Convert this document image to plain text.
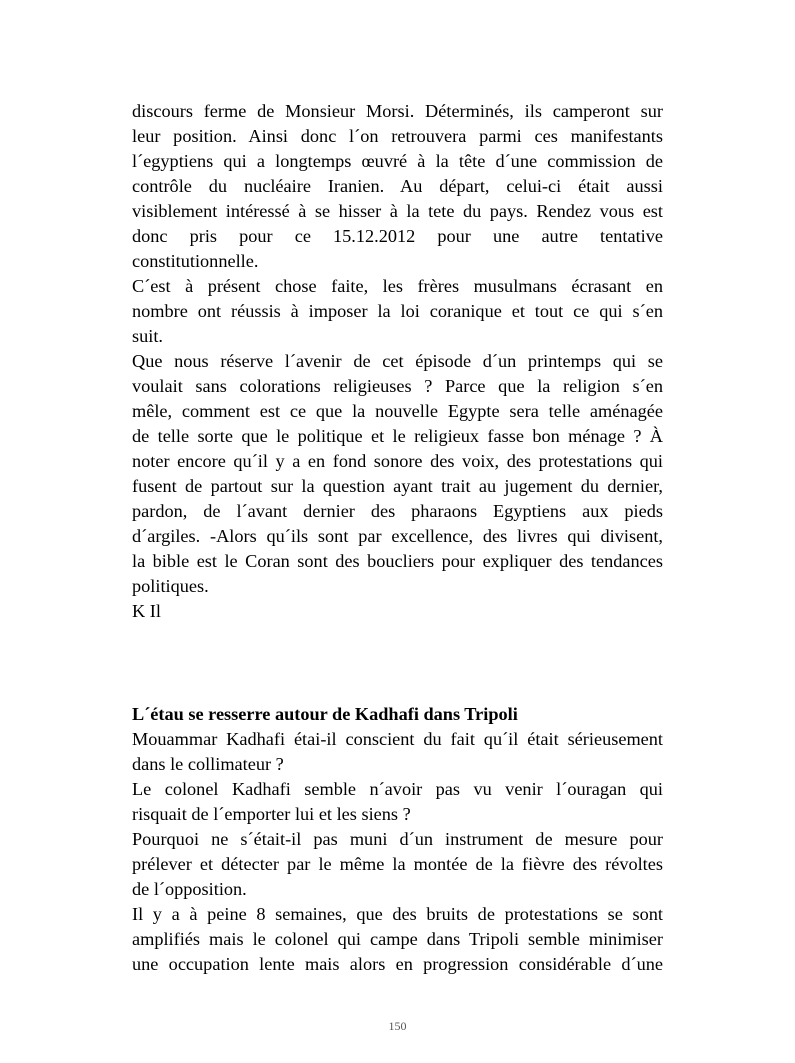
discours ferme de Monsieur Morsi. Déterminés, ils camperont sur
leur position. Ainsi donc l´on retrouvera parmi ces manifestants
l´egyptiens qui a longtemps œuvré à la tête d´une commission de
contrôle du nucléaire Iranien. Au départ, celui-ci était aussi
visiblement intéressé à se hisser à la tete du pays. Rendez vous est
donc pris pour ce 15.12.2012 pour une autre tentative
constitutionnelle.
C´est à présent chose faite, les frères musulmans écrasant en
nombre ont réussis à imposer la loi coranique et tout ce qui s´en
suit.
Que nous réserve l´avenir de cet épisode d´un printemps qui se
voulait sans colorations religieuses ? Parce que la religion s´en
mêle, comment est ce que la nouvelle Egypte sera telle aménagée
de telle sorte que le politique et le religieux fasse bon ménage ? À
noter encore qu´il y a en fond sonore des voix, des protestations qui
fusent de partout sur la question ayant trait au jugement du dernier,
pardon, de l´avant dernier des pharaons Egyptiens aux pieds
d´argiles. -Alors qu´ils sont par excellence, des livres qui divisent,
la bible est le Coran sont des boucliers pour expliquer des tendances
politiques.
K Il
L´étau se resserre autour de Kadhafi dans Tripoli
Mouammar Kadhafi étai-il conscient du fait qu´il était sérieusement
dans le collimateur ?
Le colonel Kadhafi semble n´avoir pas vu venir l´ouragan qui
risquait de l´emporter lui et les siens ?
Pourquoi ne s´était-il pas muni d´un instrument de mesure pour
prélever et détecter par le même la montée de la fièvre des révoltes
de l´opposition.
Il y a à peine 8 semaines, que des bruits de protestations se sont
amplifiés mais le colonel qui campe dans Tripoli semble minimiser
une occupation lente mais alors en progression considérable d´une
150
